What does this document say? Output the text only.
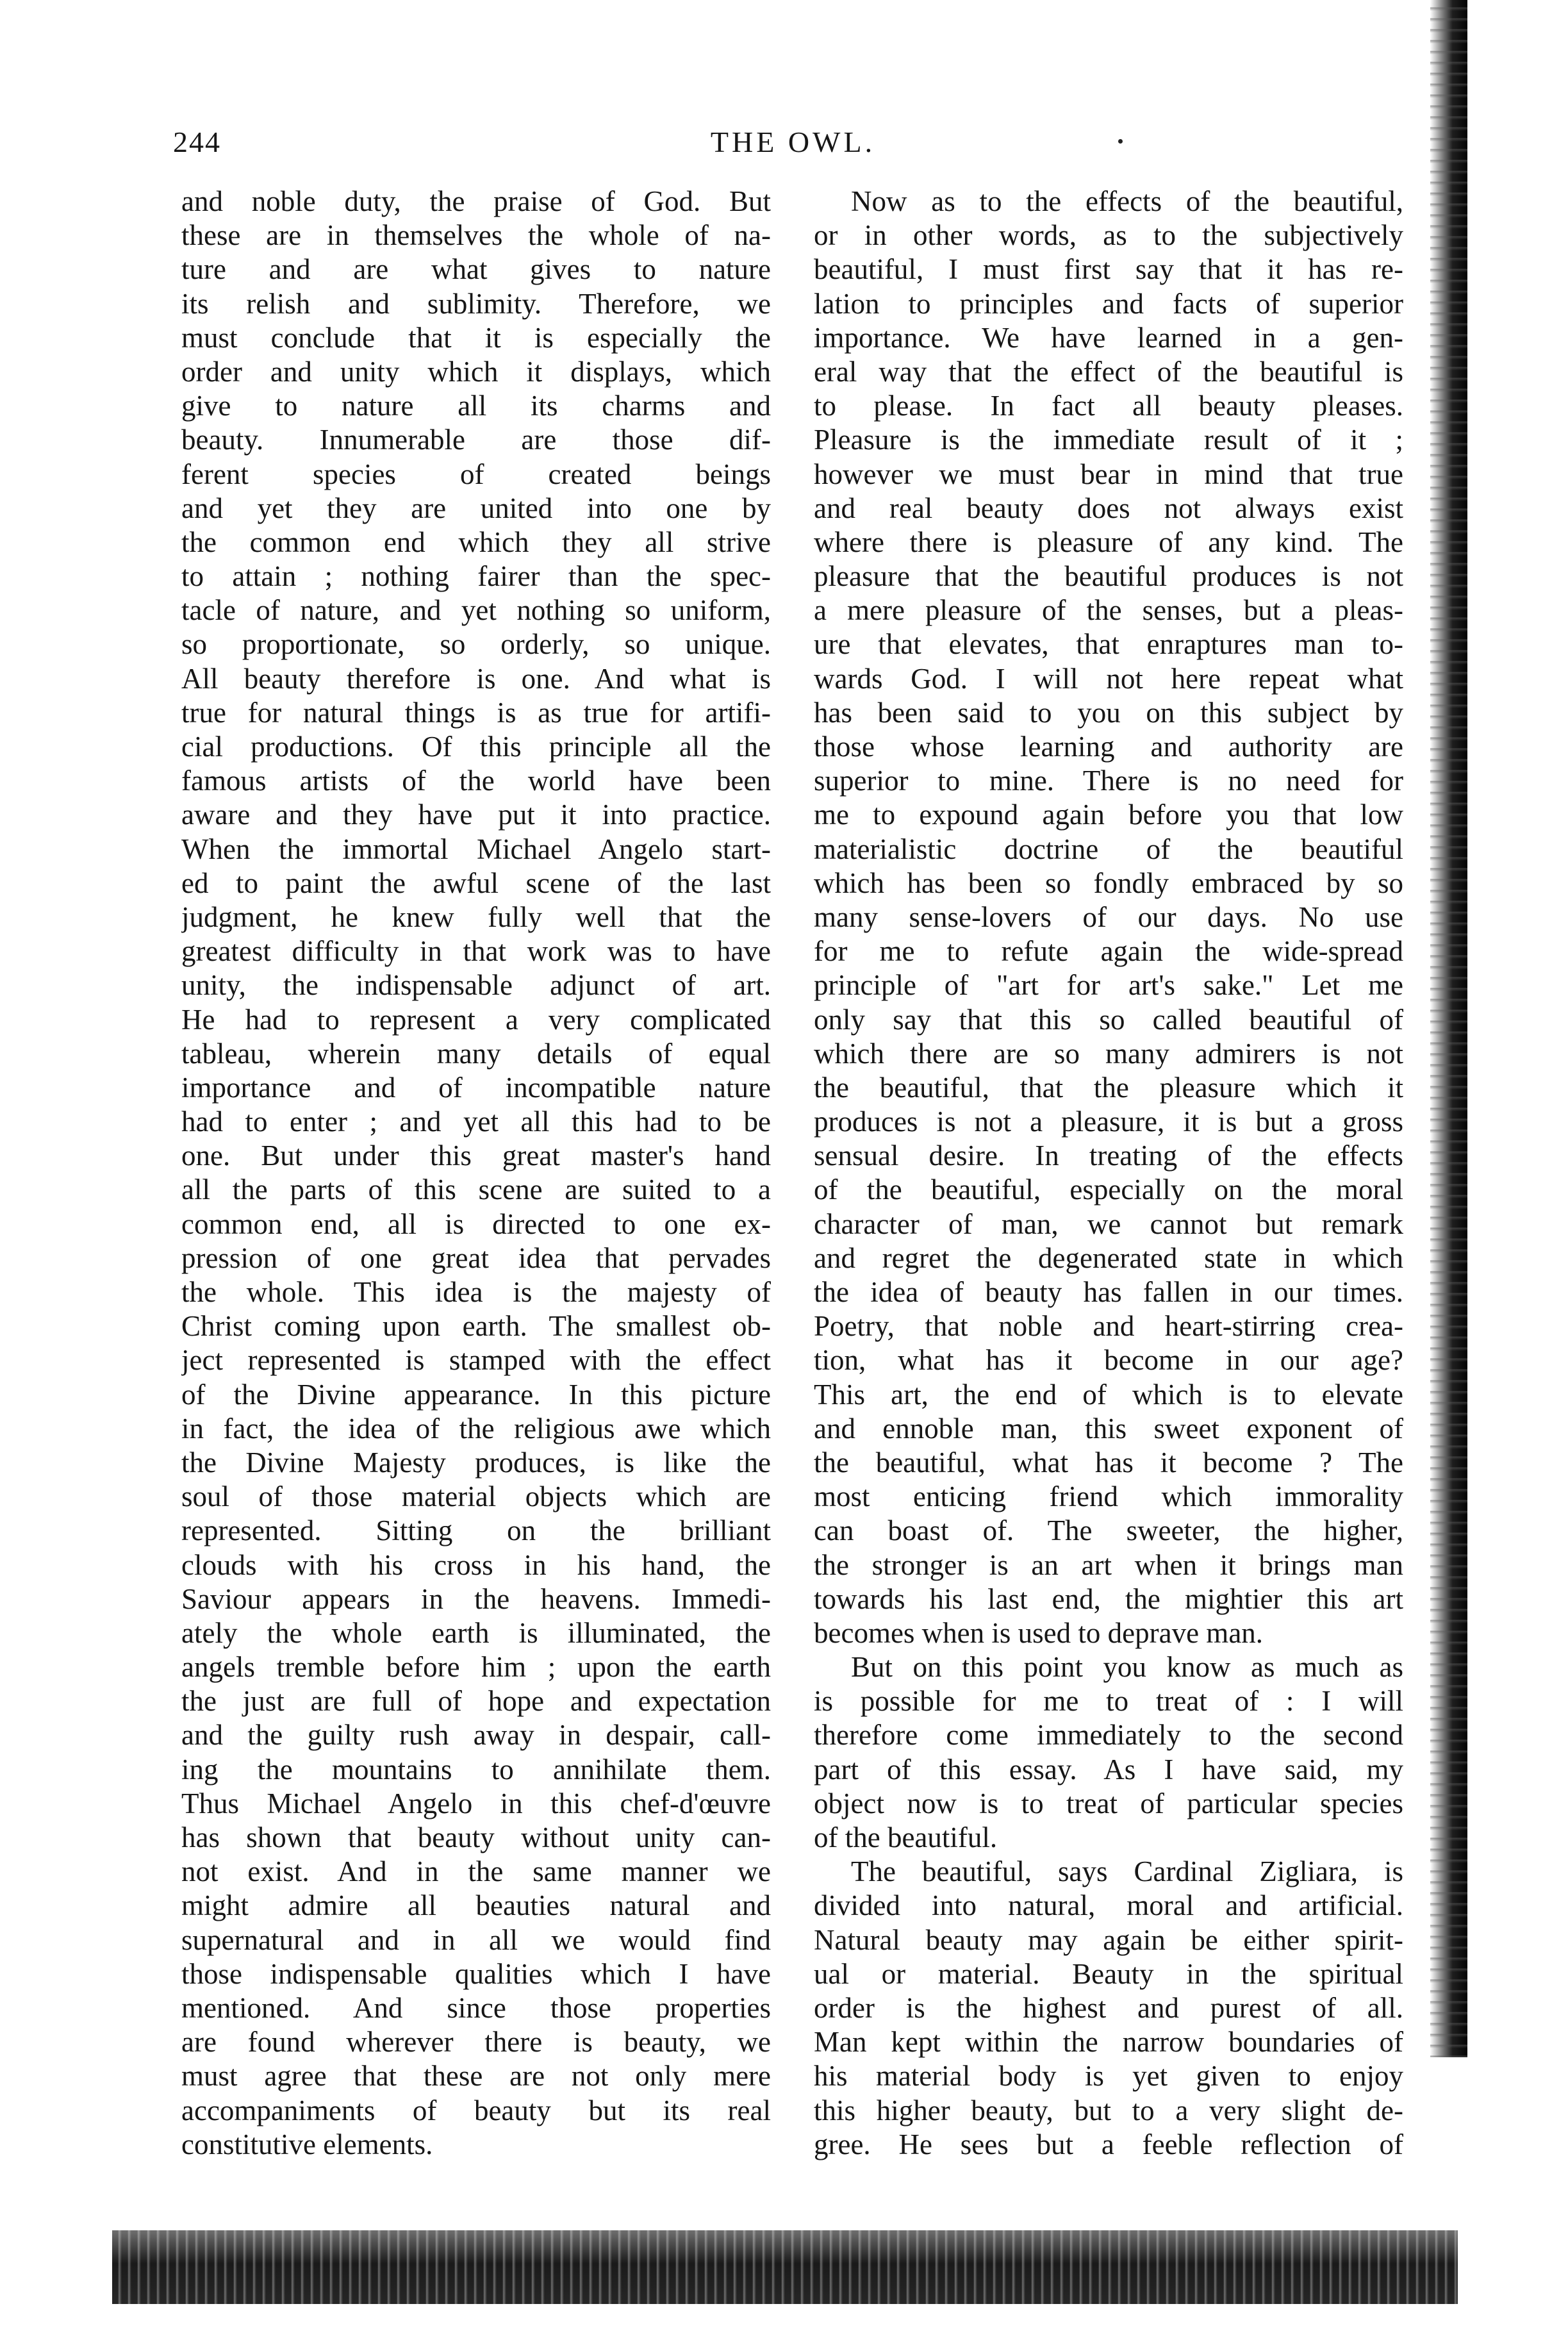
244	THE OWL.
and noble duty, the praise of God. But
these are in themselves the whole of na-
ture and are what gives to nature
its relish and sublimity. Therefore, we
must conclude that it is especially the
order and unity which it displays, which
give to nature all its charms and
beauty. Innumerable are those dif-
ferent species of created beings
and yet they are united into one by
the common end which they all strive
to attain ; nothing fairer than the spec-
tacle of nature, and yet nothing so uniform,
so proportionate, so orderly, so unique.
All beauty therefore is one. And what is
true for natural things is as true for artifi-
cial productions. Of this principle all the
famous artists of the world have been
aware and they have put it into practice.
When the immortal Michael Angelo start-
ed to paint the awful scene of the last
judgment, he knew fully well that the
greatest difficulty in that work was to have
unity, the indispensable adjunct of art.
He had to represent a very complicated
tableau, wherein many details of equal
importance and of incompatible nature
had to enter ; and yet all this had to be
one. But under this great master's hand
all the parts of this scene are suited to a
common end, all is directed to one ex-
pression of one great idea that pervades
the whole. This idea is the majesty of
Christ coming upon earth. The smallest ob-
ject represented is stamped with the effect
of the Divine appearance. In this picture
in fact, the idea of the religious awe which
the Divine Majesty produces, is like the
soul of those material objects which are
represented. Sitting on the brilliant
clouds with his cross in his hand, the
Saviour appears in the heavens. Immedi-
ately the whole earth is illuminated, the
angels tremble before him ; upon the earth
the just are full of hope and expectation
and the guilty rush away in despair, call-
ing the mountains to annihilate them.
Thus Michael Angelo in this chef-d'œuvre
has shown that beauty without unity can-
not exist. And in the same manner we
might admire all beauties natural and
supernatural and in all we would find
those indispensable qualities which I have
mentioned. And since those properties
are found wherever there is beauty, we
must agree that these are not only mere
accompaniments of beauty but its real
constitutive elements.
Now as to the effects of the beautiful,
or in other words, as to the subjectively
beautiful, I must first say that it has re-
lation to principles and facts of superior
importance. We have learned in a gen-
eral way that the effect of the beautiful is
to please. In fact all beauty pleases.
Pleasure is the immediate result of it ;
however we must bear in mind that true
and real beauty does not always exist
where there is pleasure of any kind. The
pleasure that the beautiful produces is not
a mere pleasure of the senses, but a pleas-
ure that elevates, that enraptures man to-
wards God. I will not here repeat what
has been said to you on this subject by
those whose learning and authority are
superior to mine. There is no need for
me to expound again before you that low
materialistic doctrine of the beautiful
which has been so fondly embraced by so
many sense-lovers of our days. No use
for me to refute again the wide-spread
principle of "art for art's sake." Let me
only say that this so called beautiful of
which there are so many admirers is not
the beautiful, that the pleasure which it
produces is not a pleasure, it is but a gross
sensual desire. In treating of the effects
of the beautiful, especially on the moral
character of man, we cannot but remark
and regret the degenerated state in which
the idea of beauty has fallen in our times.
Poetry, that noble and heart-stirring crea-
tion, what has it become in our age?
This art, the end of which is to elevate
and ennoble man, this sweet exponent of
the beautiful, what has it become ? The
most enticing friend which immorality
can boast of. The sweeter, the higher,
the stronger is an art when it brings man
towards his last end, the mightier this art
becomes when is used to deprave man.
But on this point you know as much as
is possible for me to treat of : I will
therefore come immediately to the second
part of this essay. As I have said, my
object now is to treat of particular species
of the beautiful.
The beautiful, says Cardinal Zigliara, is
divided into natural, moral and artificial.
Natural beauty may again be either spirit-
ual or material. Beauty in the spiritual
order is the highest and purest of all.
Man kept within the narrow boundaries of
his material body is yet given to enjoy
this higher beauty, but to a very slight de-
gree. He sees but a feeble reflection of
